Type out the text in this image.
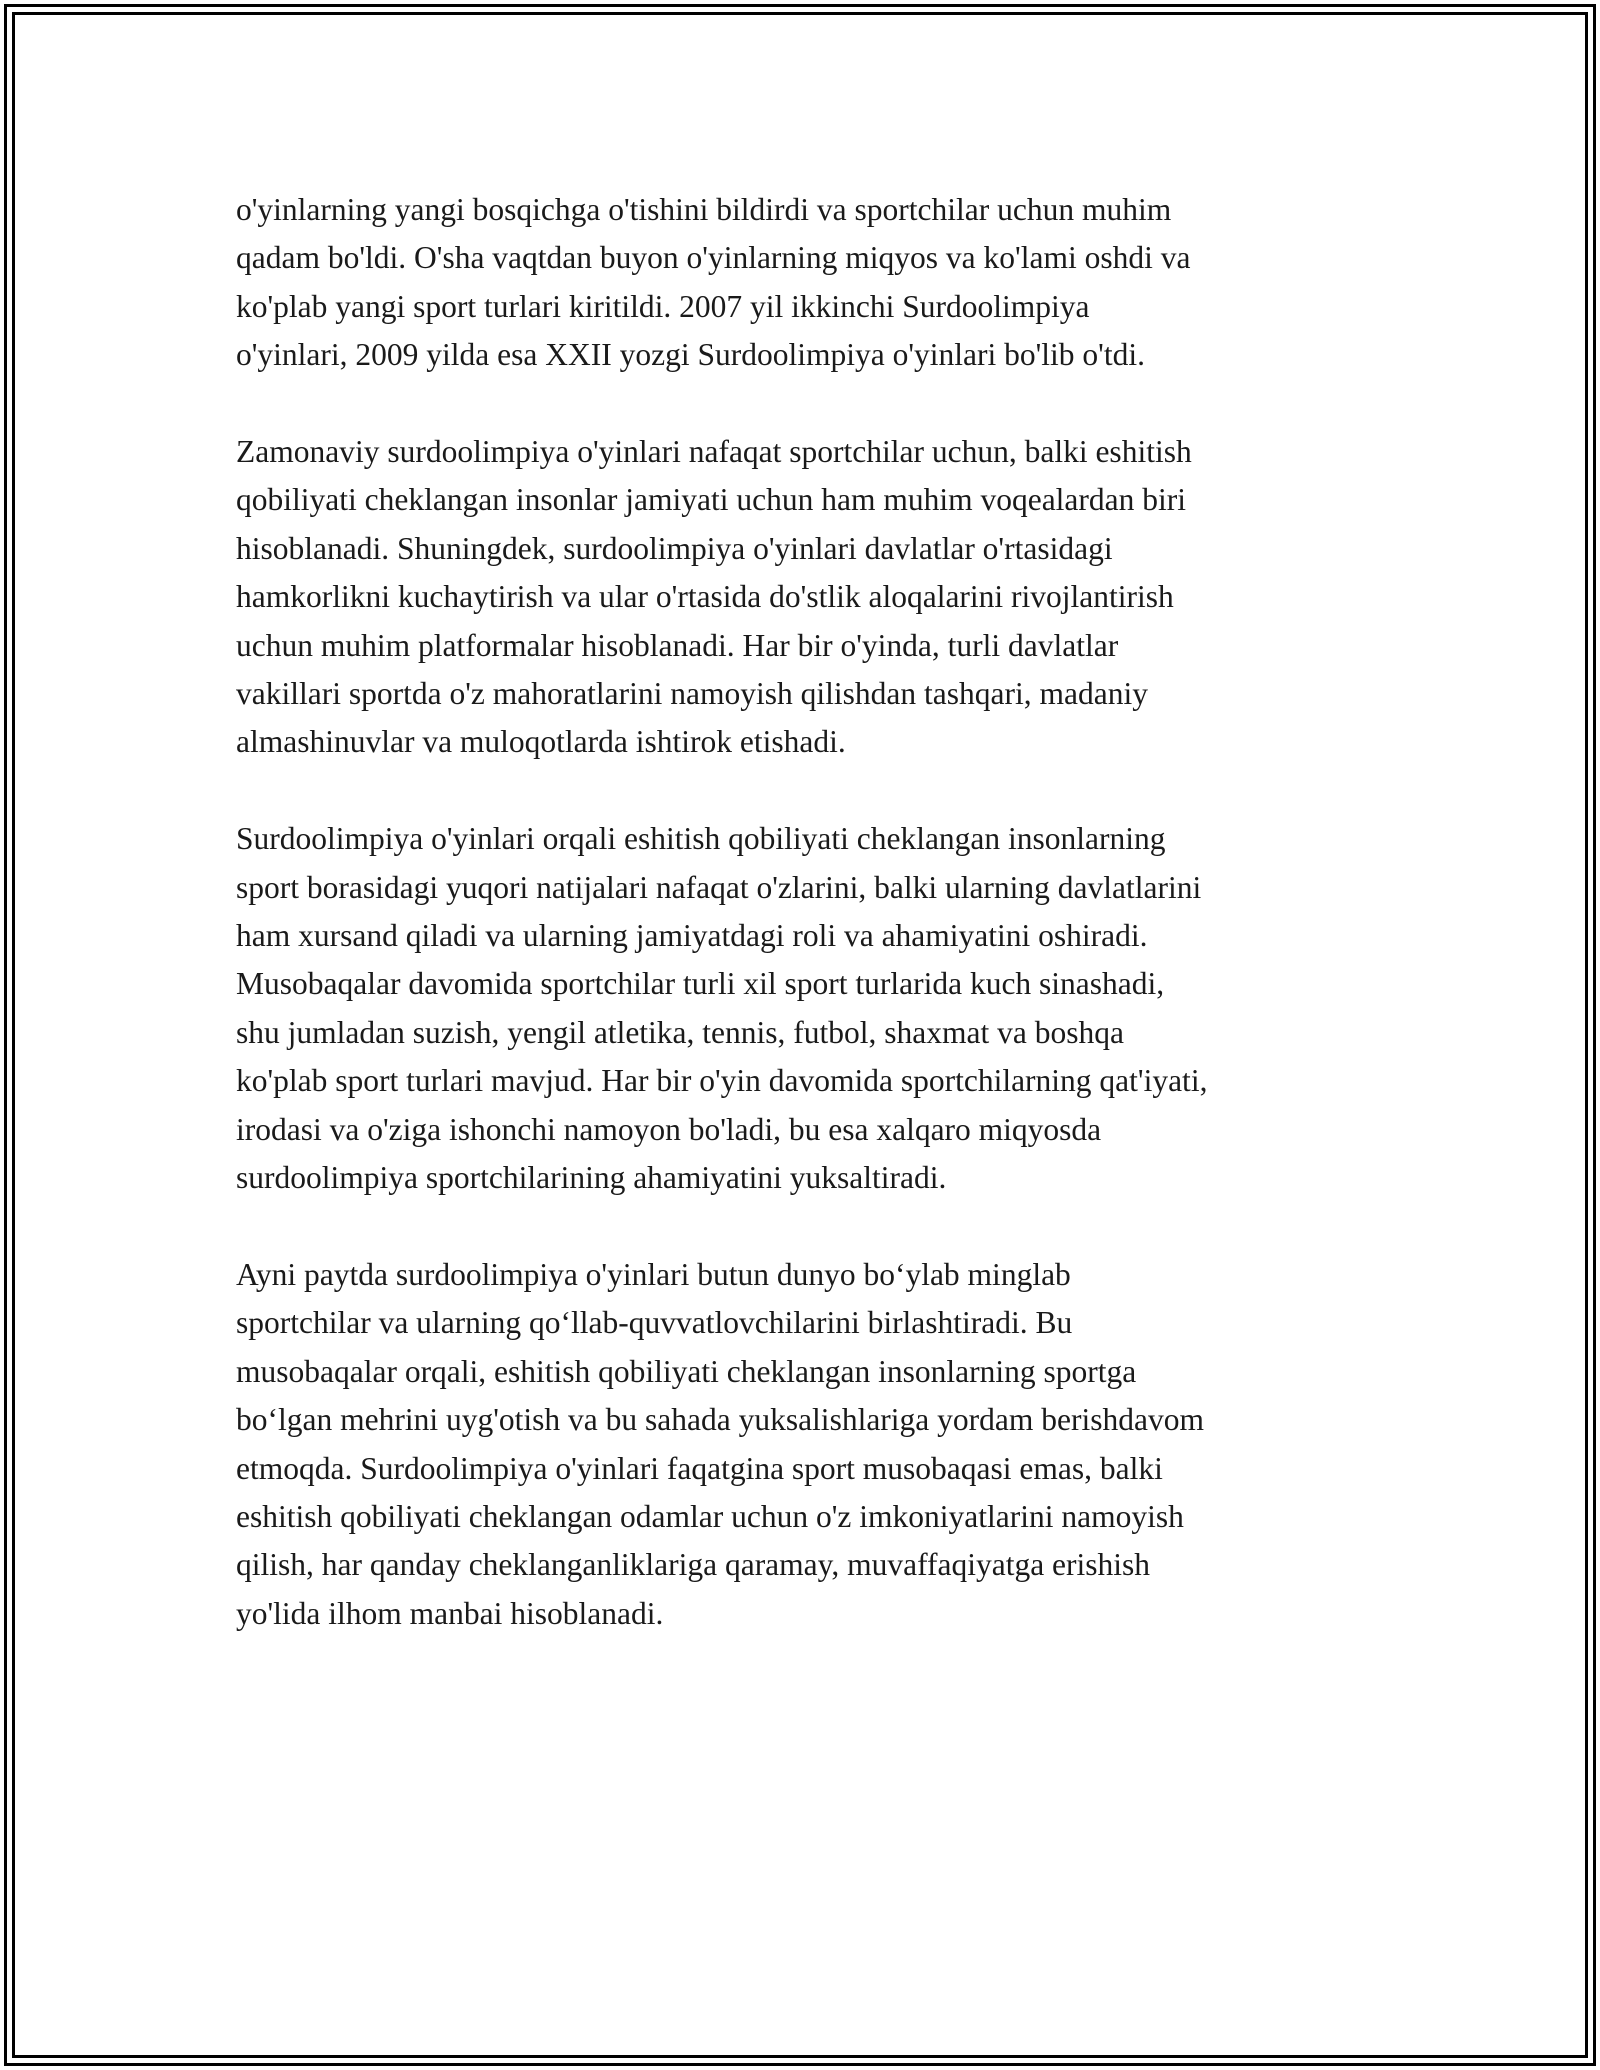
o'yinlarning yangi bosqichga o'tishini bildirdi va sportchilar uchun muhim
qadam bo'ldi. O'sha vaqtdan buyon o'yinlarning miqyos va ko'lami oshdi va
ko'plab yangi sport turlari kiritildi. 2007 yil ikkinchi Surdoolimpiya
o'yinlari, 2009 yilda esa XXII yozgi Surdoolimpiya o'yinlari bo'lib o'tdi.

Zamonaviy surdoolimpiya o'yinlari nafaqat sportchilar uchun, balki eshitish
qobiliyati cheklangan insonlar jamiyati uchun ham muhim voqealardan biri
hisoblanadi. Shuningdek, surdoolimpiya o'yinlari davlatlar o'rtasidagi
hamkorlikni kuchaytirish va ular o'rtasida do'stlik aloqalarini rivojlantirish
uchun muhim platformalar hisoblanadi. Har bir o'yinda, turli davlatlar
vakillari sportda o'z mahoratlarini namoyish qilishdan tashqari, madaniy
almashinuvlar va muloqotlarda ishtirok etishadi.

Surdoolimpiya o'yinlari orqali eshitish qobiliyati cheklangan insonlarning
sport borasidagi yuqori natijalari nafaqat o'zlarini, balki ularning davlatlarini
ham xursand qiladi va ularning jamiyatdagi roli va ahamiyatini oshiradi.
Musobaqalar davomida sportchilar turli xil sport turlarida kuch sinashadi,
shu jumladan suzish, yengil atletika, tennis, futbol, shaxmat va boshqa
ko'plab sport turlari mavjud. Har bir o'yin davomida sportchilarning qat'iyati,
irodasi va o'ziga ishonchi namoyon bo'ladi, bu esa xalqaro miqyosda
surdoolimpiya sportchilarining ahamiyatini yuksaltiradi.

Ayni paytda surdoolimpiya o'yinlari butun dunyo bo‘ylab minglab
sportchilar va ularning qo‘llab-quvvatlovchilarini birlashtiradi. Bu
musobaqalar orqali, eshitish qobiliyati cheklangan insonlarning sportga
bo‘lgan mehrini uyg'otish va bu sahada yuksalishlariga yordam berishdavom
etmoqda. Surdoolimpiya o'yinlari faqatgina sport musobaqasi emas, balki
eshitish qobiliyati cheklangan odamlar uchun o'z imkoniyatlarini namoyish
qilish, har qanday cheklanganliklariga qaramay, muvaffaqiyatga erishish
yo'lida ilhom manbai hisoblanadi.
